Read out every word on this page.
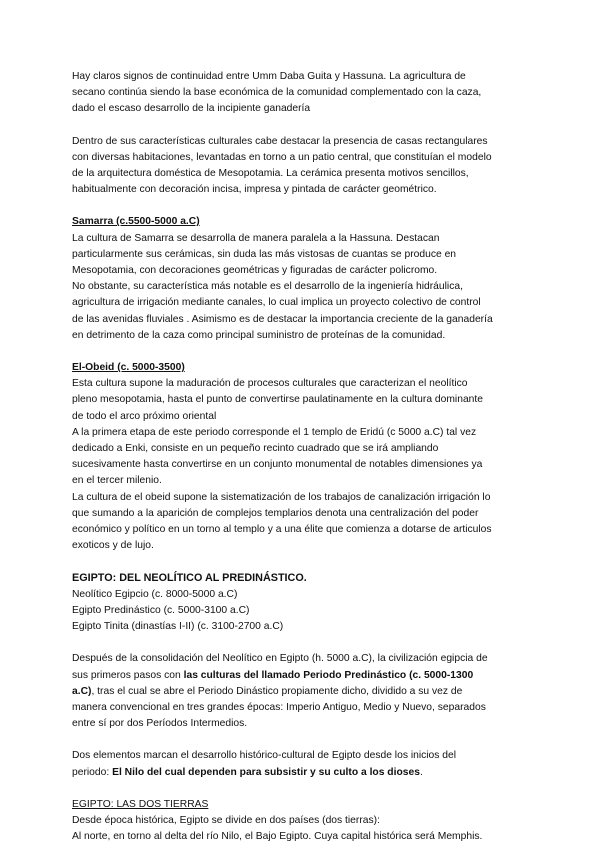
Hay claros signos de continuidad entre Umm Daba Guita y Hassuna. La agricultura de

secano continúa siendo la base económica de la comunidad complementado con la caza,

dado el escaso desarrollo de la incipiente ganadería

Dentro de sus características culturales cabe destacar la presencia de casas rectangulares

con diversas habitaciones, levantadas en torno a un patio central, que constituían el modelo

de la arquitectura doméstica de Mesopotamia. La cerámica presenta motivos sencillos,

habitualmente con decoración incisa, impresa y pintada de carácter geométrico.

Samarra (c.5500-5000 a.C)

La cultura de Samarra se desarrolla de manera paralela a la Hassuna. Destacan

particularmente sus cerámicas, sin duda las más vistosas de cuantas se produce en

Mesopotamia, con decoraciones geométricas y figuradas de carácter policromo.

No obstante, su característica más notable es el desarrollo de la ingeniería hidráulica,

agricultura de irrigación mediante canales, lo cual implica un proyecto colectivo de control

de las avenidas fluviales . Asimismo es de destacar la importancia creciente de la ganadería

en detrimento de la caza como principal suministro de proteínas de la comunidad.

El-Obeid (c. 5000-3500)

Esta cultura supone la maduración de procesos culturales que caracterizan el neolítico

pleno mesopotamia, hasta el punto de convertirse paulatinamente en la cultura dominante

de todo el arco próximo oriental

A la primera etapa de este periodo corresponde el 1 templo de Eridú (c 5000 a.C) tal vez

dedicado a Enki, consiste en un pequeño recinto cuadrado que se irá ampliando

sucesivamente hasta convertirse en un conjunto monumental de notables dimensiones ya

en el tercer milenio.

La cultura de el obeid supone la sistematización de los trabajos de canalización irrigación lo

que sumando a la aparición de complejos templarios denota una centralización del poder

económico y político en un torno al templo y a una élite que comienza a dotarse de articulos

exoticos y de lujo.

EGIPTO: DEL NEOLÍTICO AL PREDINÁSTICO.

Neolítico Egipcio (c. 8000-5000 a.C)

Egipto Predinástico (c. 5000-3100 a.C)

Egipto Tinita (dinastías I-II) (c. 3100-2700 a.C)

Después de la consolidación del Neolítico en Egipto (h. 5000 a.C), la civilización egipcia de

sus primeros pasos con las culturas del llamado Periodo Predinástico (c. 5000-1300

a.C), tras el cual se abre el Periodo Dinástico propiamente dicho, dividido a su vez de

manera convencional en tres grandes épocas: Imperio Antiguo, Medio y Nuevo, separados

entre sí por dos Períodos Intermedios.

Dos elementos marcan el desarrollo histórico-cultural de Egipto desde los inicios del

periodo: El Nilo del cual dependen para subsistir y su culto a los dioses.

EGIPTO: LAS DOS TIERRAS

Desde época histórica, Egipto se divide en dos países (dos tierras):

Al norte, en torno al delta del río Nilo, el Bajo Egipto. Cuya capital histórica será Memphis.
